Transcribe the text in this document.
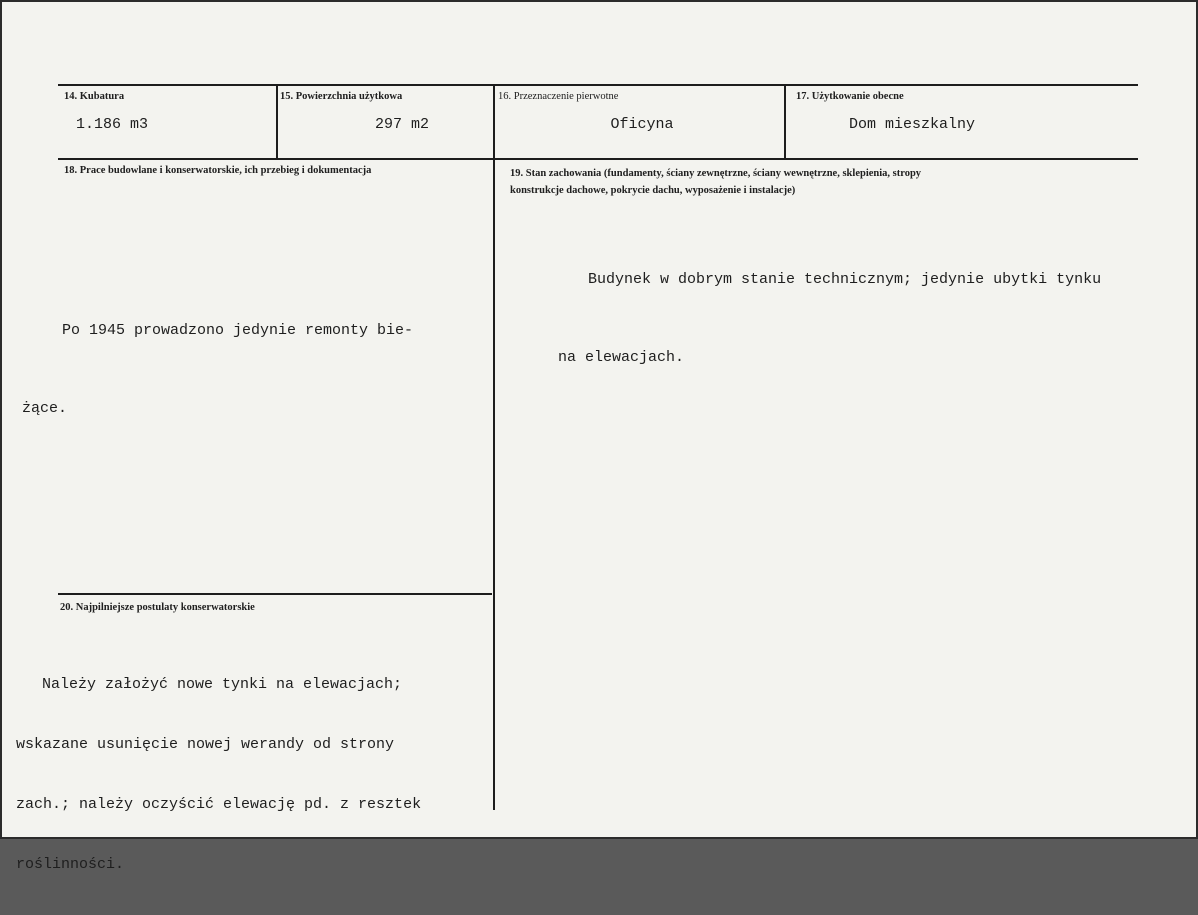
14. Kubatura
1.186 m3
15. Powierzchnia użytkowa
297 m2
16. Przeznaczenie pierwotne
Oficyna
17. Użytkowanie obecne
Dom mieszkalny
18. Prace budowlane i konserwatorskie, ich przebieg i dokumentacja

Po 1945 prowadzono jedynie remonty bie-

żące.

19. Stan zachowania (fundamenty, ściany zewnętrzne, ściany wewnętrzne, sklepienia, stropy
konstrukcje dachowe, pokrycie dachu, wyposażenie i instalacje)

Budynek w dobrym stanie technicznym; jedynie ubytki tynku

na elewacjach.

20. Najpilniejsze postulaty konserwatorskie

Należy założyć nowe tynki na elewacjach;

wskazane usunięcie nowej werandy od strony

zach.; należy oczyścić elewację pd. z resztek

roślinności.
